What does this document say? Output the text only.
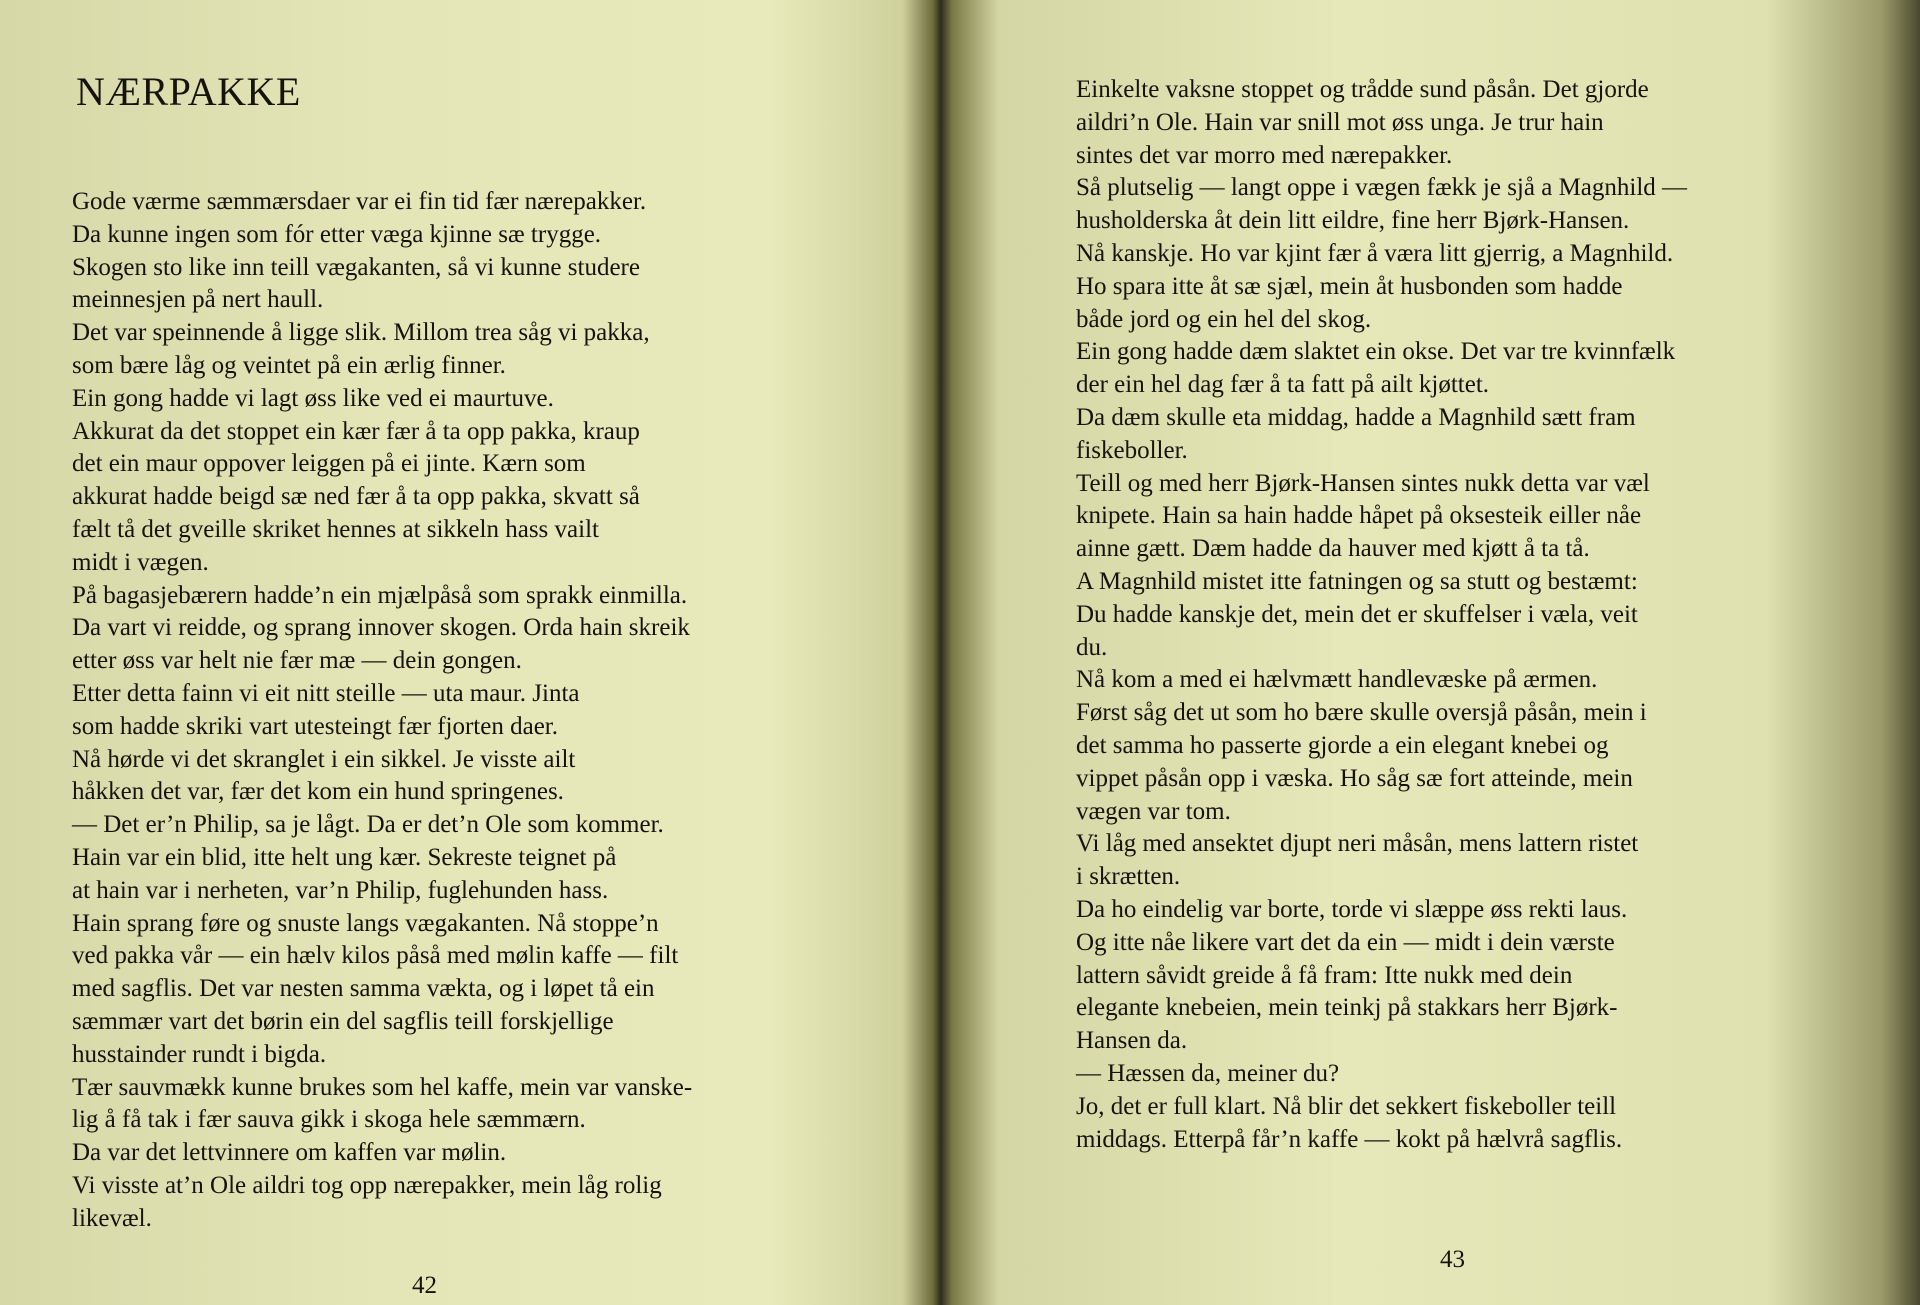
NÆRPAKKE
Gode værme sæmmærsdaer var ei fin tid fær nærepakker.
Da kunne ingen som fór etter væga kjinne sæ trygge.
Skogen sto like inn teill vægakanten, så vi kunne studere
meinnesjen på nert haull.
Det var speinnende å ligge slik. Millom trea såg vi pakka,
som bære låg og veintet på ein ærlig finner.
Ein gong hadde vi lagt øss like ved ei maurtuve.
Akkurat da det stoppet ein kær fær å ta opp pakka, kraup
det ein maur oppover leiggen på ei jinte. Kærn som
akkurat hadde beigd sæ ned fær å ta opp pakka, skvatt så
fælt tå det gveille skriket hennes at sikkeln hass vailt
midt i vægen.
På bagasjebærern hadde’n ein mjælpåså som sprakk einmilla.
Da vart vi reidde, og sprang innover skogen. Orda hain skreik
etter øss var helt nie fær mæ — dein gongen.
Etter detta fainn vi eit nitt steille — uta maur. Jinta
som hadde skriki vart utesteingt fær fjorten daer.
Nå hørde vi det skranglet i ein sikkel. Je visste ailt
håkken det var, fær det kom ein hund springenes.
— Det er’n Philip, sa je lågt. Da er det’n Ole som kommer.
Hain var ein blid, itte helt ung kær. Sekreste teignet på
at hain var i nerheten, var’n Philip, fuglehunden hass.
Hain sprang føre og snuste langs vægakanten. Nå stoppe’n
ved pakka vår — ein hælv kilos påså med mølin kaffe — filt
med sagflis. Det var nesten samma vækta, og i løpet tå ein
sæmmær vart det børin ein del sagflis teill forskjellige
husstainder rundt i bigda.
Tær sauvmækk kunne brukes som hel kaffe, mein var vanske-
lig å få tak i fær sauva gikk i skoga hele sæmmærn.
Da var det lettvinnere om kaffen var mølin.
Vi visste at’n Ole aildri tog opp nærepakker, mein låg rolig
likevæl.
42
Einkelte vaksne stoppet og trådde sund påsån. Det gjorde
aildri’n Ole. Hain var snill mot øss unga. Je trur hain
sintes det var morro med nærepakker.
Så plutselig — langt oppe i vægen fækk je sjå a Magnhild —
husholderska åt dein litt eildre, fine herr Bjørk-Hansen.
Nå kanskje. Ho var kjint fær å væra litt gjerrig, a Magnhild.
Ho spara itte åt sæ sjæl, mein åt husbonden som hadde
både jord og ein hel del skog.
Ein gong hadde dæm slaktet ein okse. Det var tre kvinnfælk
der ein hel dag fær å ta fatt på ailt kjøttet.
Da dæm skulle eta middag, hadde a Magnhild sætt fram
fiskeboller.
Teill og med herr Bjørk-Hansen sintes nukk detta var væl
knipete. Hain sa hain hadde håpet på oksesteik eiller nåe
ainne gætt. Dæm hadde da hauver med kjøtt å ta tå.
A Magnhild mistet itte fatningen og sa stutt og bestæmt:
Du hadde kanskje det, mein det er skuffelser i væla, veit
du.
Nå kom a med ei hælvmætt handlevæske på ærmen.
Først såg det ut som ho bære skulle oversjå påsån, mein i
det samma ho passerte gjorde a ein elegant knebei og
vippet påsån opp i væska. Ho såg sæ fort atteinde, mein
vægen var tom.
Vi låg med ansektet djupt neri måsån, mens lattern ristet
i skrætten.
Da ho eindelig var borte, torde vi slæppe øss rekti laus.
Og itte nåe likere vart det da ein — midt i dein værste
lattern såvidt greide å få fram: Itte nukk med dein
elegante knebeien, mein teinkj på stakkars herr Bjørk-
Hansen da.
— Hæssen da, meiner du?
Jo, det er full klart. Nå blir det sekkert fiskeboller teill
middags. Etterpå får’n kaffe — kokt på hælvrå sagflis.
43
